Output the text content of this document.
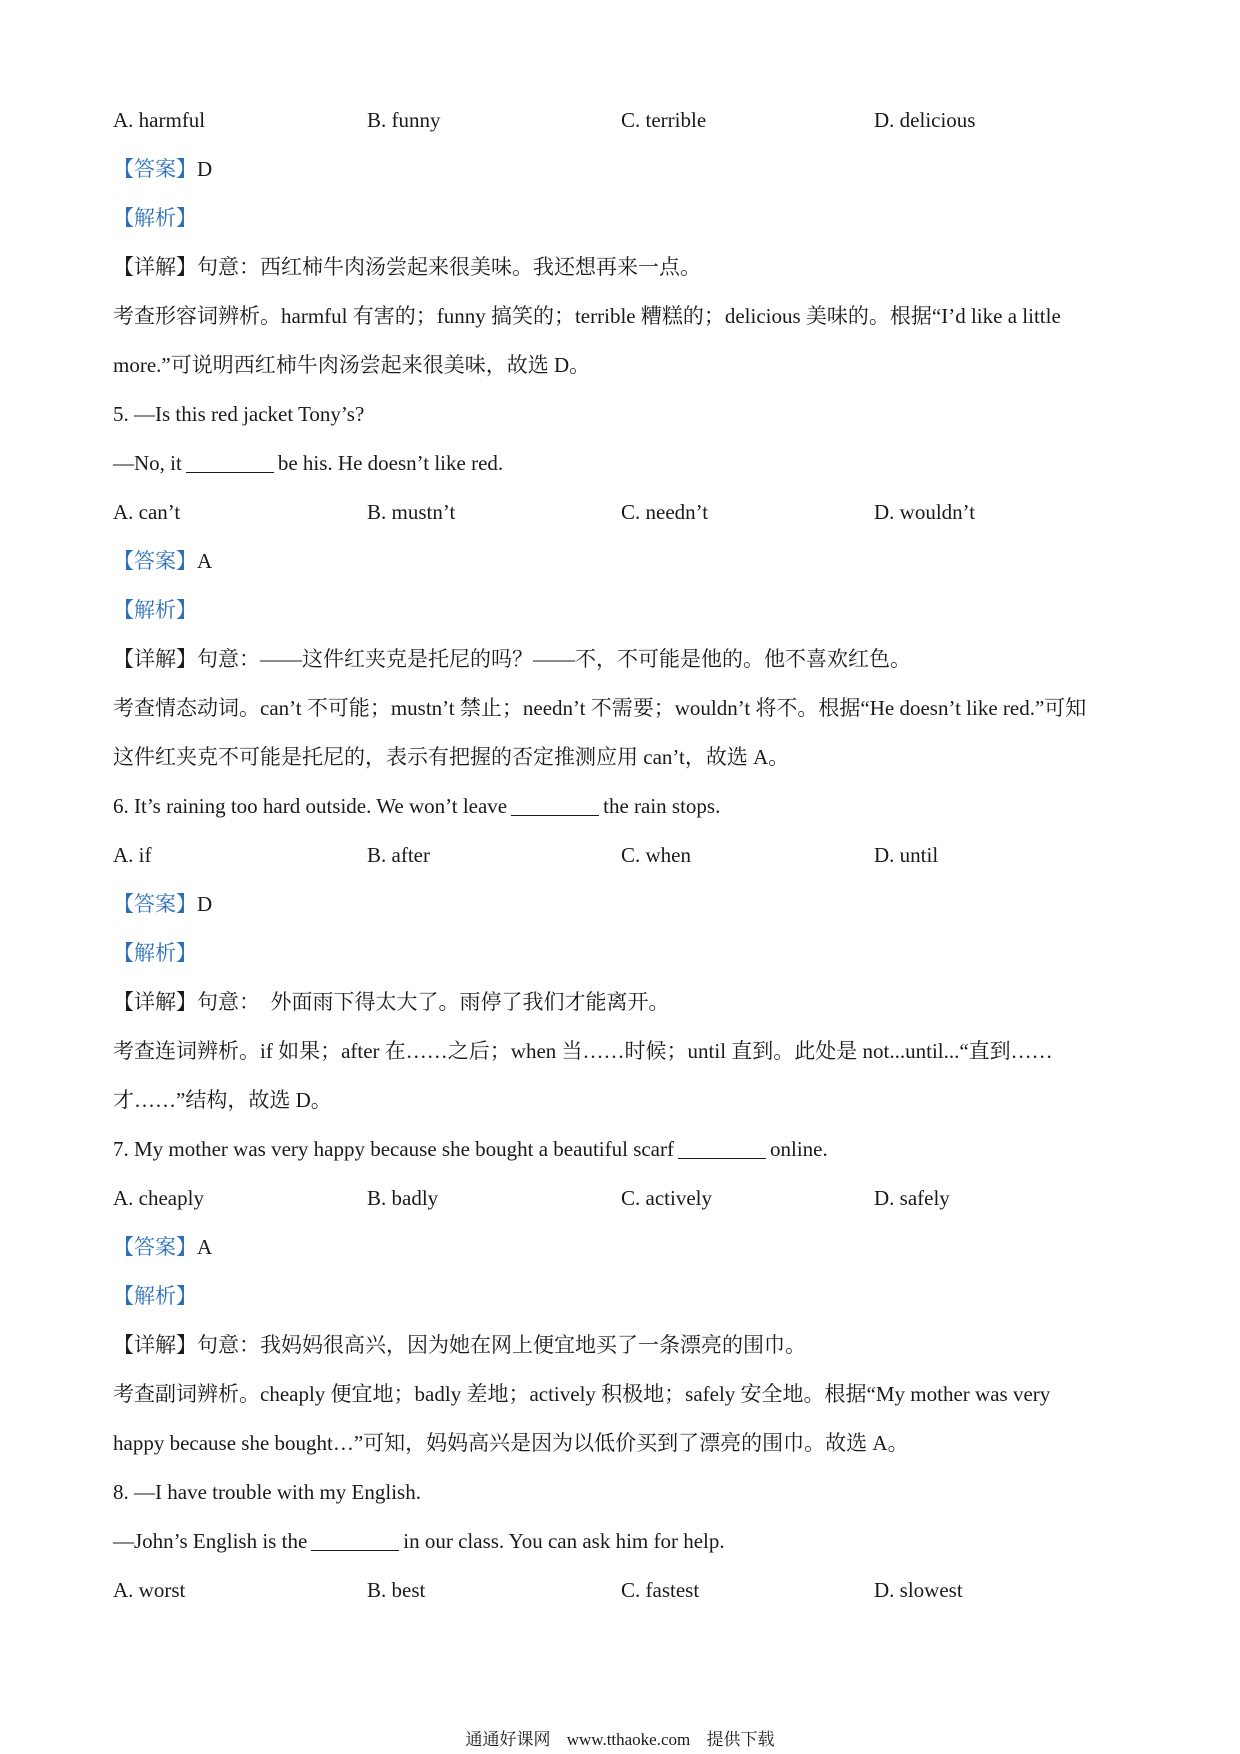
A. harmful	B. funny	C. terrible	D. delicious
【答案】D
【解析】
【详解】句意：西红柿牛肉汤尝起来很美味。我还想再来一点。
考查形容词辨析。harmful 有害的；funny 搞笑的；terrible 糟糕的；delicious 美味的。根据“I’d like a little
more.”可说明西红柿牛肉汤尝起来很美味，故选 D。
5. —Is this red jacket Tony’s?
—No, it	be his. He doesn’t like red.
A. can’t	B. mustn’t	C. needn’t	D. wouldn’t
【答案】A
【解析】
【详解】句意：——这件红夹克是托尼的吗？——不，不可能是他的。他不喜欢红色。
考查情态动词。can’t 不可能；mustn’t 禁止；needn’t 不需要；wouldn’t 将不。根据“He doesn’t like red.”可知
这件红夹克不可能是托尼的，表示有把握的否定推测应用 can’t，故选 A。
6. It’s raining too hard outside. We won’t leave	the rain stops.
A. if	B. after	C. when	D. until
【答案】D
【解析】
【详解】句意：　外面雨下得太大了。雨停了我们才能离开。
考查连词辨析。if 如果；after 在……之后；when 当……时候；until 直到。此处是 not...until...“直到……
才……”结构，故选 D。
7. My mother was very happy because she bought a beautiful scarf	online.
A. cheaply	B. badly	C. actively	D. safely
【答案】A
【解析】
【详解】句意：我妈妈很高兴，因为她在网上便宜地买了一条漂亮的围巾。
考查副词辨析。cheaply 便宜地；badly 差地；actively 积极地；safely 安全地。根据“My mother was very
happy because she bought…”可知，妈妈高兴是因为以低价买到了漂亮的围巾。故选 A。
8. —I have trouble with my English.
—John’s English is the	in our class. You can ask him for help.
A. worst	B. best	C. fastest	D. slowest
通通好课网 www.tthaoke.com 提供下载
